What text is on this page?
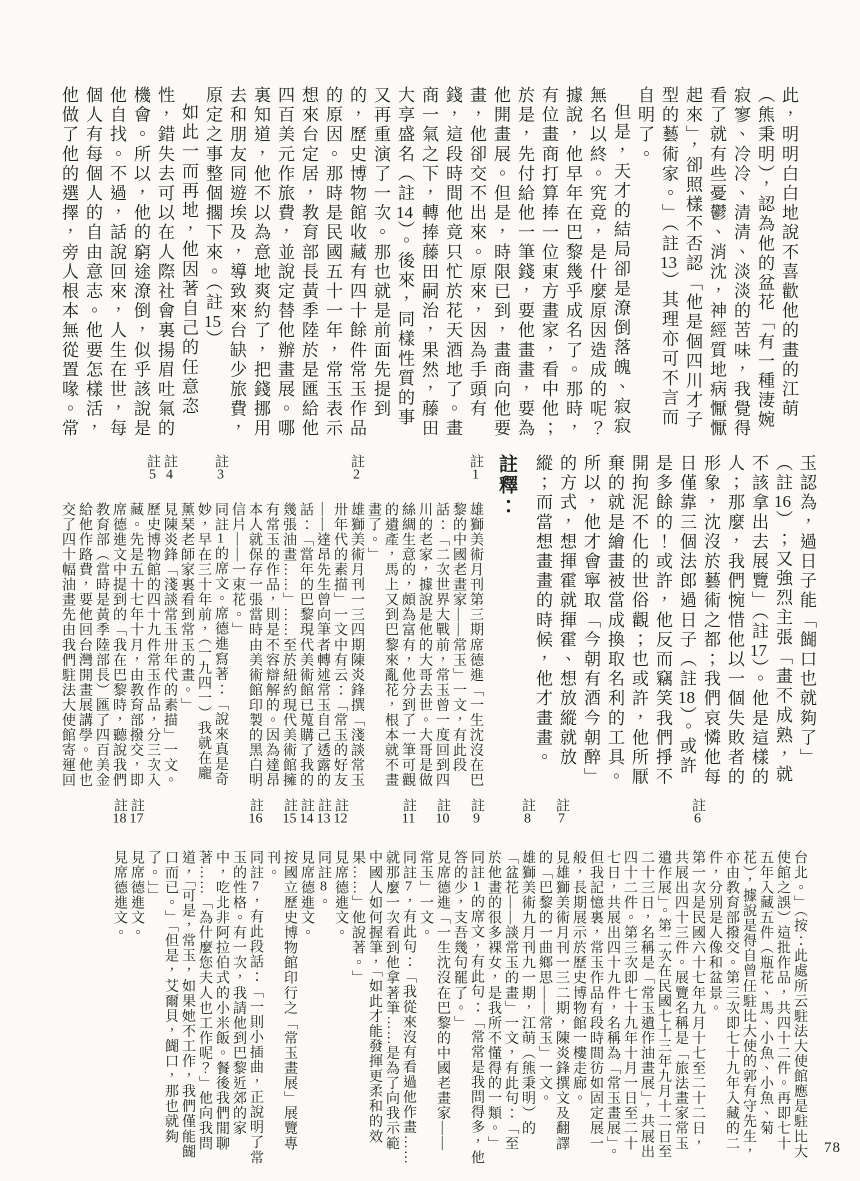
此，明明白白地說不喜歡他的畫的江萌（熊秉明），認為他的盆花「有一種淒婉寂寥、冷冷、清清、淡淡的苦味，我覺得看了就有些憂鬱、消沈，神經質地病懨懨起來」，卻照樣不否認「他是個四川才子型的藝術家。」（註13）其理亦可不言而自明了。

但是，天才的結局卻是潦倒落魄、寂寂無名以終。究竟，是什麼原因造成的呢？據說，他早年在巴黎幾乎成名了。那時，有位畫商打算捧一位東方畫家，看中他；於是，先付給他一筆錢，要他畫畫，要為他開畫展。但是，時限已到，畫商向他要畫，他卻交不出來。原來，因為手頭有錢，這段時間他竟只忙於花天酒地了。畫商一氣之下，轉捧藤田嗣治，果然，藤田大享盛名（註14）。後來，同樣性質的事又再重演了一次。那也就是前面先提到的，歷史博物館收藏有四十餘件常玉作品的原因。那時是民國五十一年，常玉表示想來台定居，教育部長黃季陸於是匯給他四百美元作旅費，並說定替他辦畫展。哪裏知道，他不以為意地爽約了，把錢挪用去和朋友同遊埃及，導致來台缺少旅費，原定之事整個擱下來。（註15）

如此一而再地，他因著自己的任意恣性，錯失去可以在人際社會裏揚眉吐氣的機會。所以，他的窮途潦倒，似乎該說是他自找。不過，話說回來，人生在世，每個人有每個人的自由意志。他要怎樣活，他做了他的選擇，旁人根本無從置喙。常

玉認為，過日子能「餬口也就夠了」（註16）；又強烈主張「畫不成熟，就不該拿出去展覽」（註17）。他是這樣的人；那麼，我們惋惜他以一個失敗者的形象，沈沒於藝術之都；我們哀憐他每日僅靠三個法郎過日子（註18）。或許是多餘的！或許，他反而竊笑我們掙不開拘泥不化的世俗觀；也或許，他所厭棄的就是繪畫被當成換取名利的工具。所以，他才會寧取「今朝有酒今朝醉」的方式，想揮霍就揮霍、想放縱就放縱；而當想畫畫的時候，他才畫畫。

註釋：
註1
雄獅美術月刊第三期席德進「一生沈沒在巴黎的中國老畫家——常玉」一文，有此段話：「二次世界大戰前，常玉曾一度回到四川的老家，據說是他的大哥去世。大哥是做絲綢生意的，頗為富有，他分到了一筆可觀的遺產，馬上又到巴黎來亂花，根本就不畫畫了。」
註2
雄獅美術月刊一三四期陳炎鋒撰「淺談常玉卅年代的素描」一文中有云：「常玉的好友——達昂先生曾向筆者轉述常玉自己透露的話：「當年的巴黎現代美術館已蒐購了我的幾張油畫……」……至於紐約現代美術館擁有常玉的作品，則是不容辯解的。因為達昂本人就保存一張當時由美術館印製的黑白明信片——一束花。」
註3
同註1的席文。席德進寫著：「說來真是奇妙，早在三十年前，（一九四一）我就在龐薰琹老師家裏看到常玉的畫。」
註4
見陳炎鋒「淺談常玉卅年代的素描」一文。
註5
歷史博物館的四十九件常玉作品，分三次入藏。先是五十七年十月，由教育部撥交，即席德進文中提到的「我在巴黎時，聽說我們教育部（當時是黃季陸部長）匯了四百美金給他作路費，要他回台灣開畫展講學。他也交了四十幅油畫先由我們駐法大使館寄運回
台北。」（按：此處所云駐法大使館應是駐比大使館之誤）這批作品，共四十二件。再即七十五年入藏五件（瓶花、馬、小魚、小魚、菊花），據說是得自曾任駐比大使的郭有守先生，亦由教育部撥交。第三次即七十九年入藏的二件，分別是人像和盆景。
註6
第一次是民國六十七年九月十七至二十二日，共展出四十三件。展覽名稱是「旅法畫家常玉遺作展」。第二次在民國七十三年九月十二日至二十三日，名稱是「常玉遺作油畫展」，共展出四十二件。第三次即七十九年十月一日至二十七日，共展出四十九件，名稱為「常玉畫展」。但我記憶裏，常玉作品有段時間彷如固定展一般，長期展示於歷史博物館一樓走廊。
註7
見雄獅美術月刊一三二期，陳炎鋒撰文及翻譯的「巴黎的一曲鄉思——常玉」一文。
註8
雄獅美術九月刊九一期，江萌（熊秉明）的「盆花——談常玉的畫」一文，有此句：「至於他畫的很多裸女，是我所不懂得的一類。」
註9
同註1的席文，有此句：「常常是我問得多，他答的少，支吾幾句罷了。」
註10
見席德進「一生沈沒在巴黎的中國老畫家——常玉」一文。
註11
同註7，有此句：「我從來沒有看過他作畫……就那麼一次看到他拿著筆……是為了向我示範中國人如何握筆，「如此才能發揮更柔和的效果……」他說著。」
註12
見席德進文。
註13
同註8。
註14
見席德進文。
註15
按國立歷史博物館印行之「常玉畫展」展覽專刊。
註16
同註7，有此段話：「一則小插曲，正說明了常玉的性格。有一次，我請他到巴黎近郊的家中，吃北非阿拉伯式的小米飯。餐後我們閒聊著……「為什麼您夫人也工作呢？」他向我問道，「可是，常玉，如果她不工作，我們僅能餬口而已。」「但是，艾爾貝，餬口，那也就夠了。」」
註17
見席德進文。
註18
見席德進文。
78
